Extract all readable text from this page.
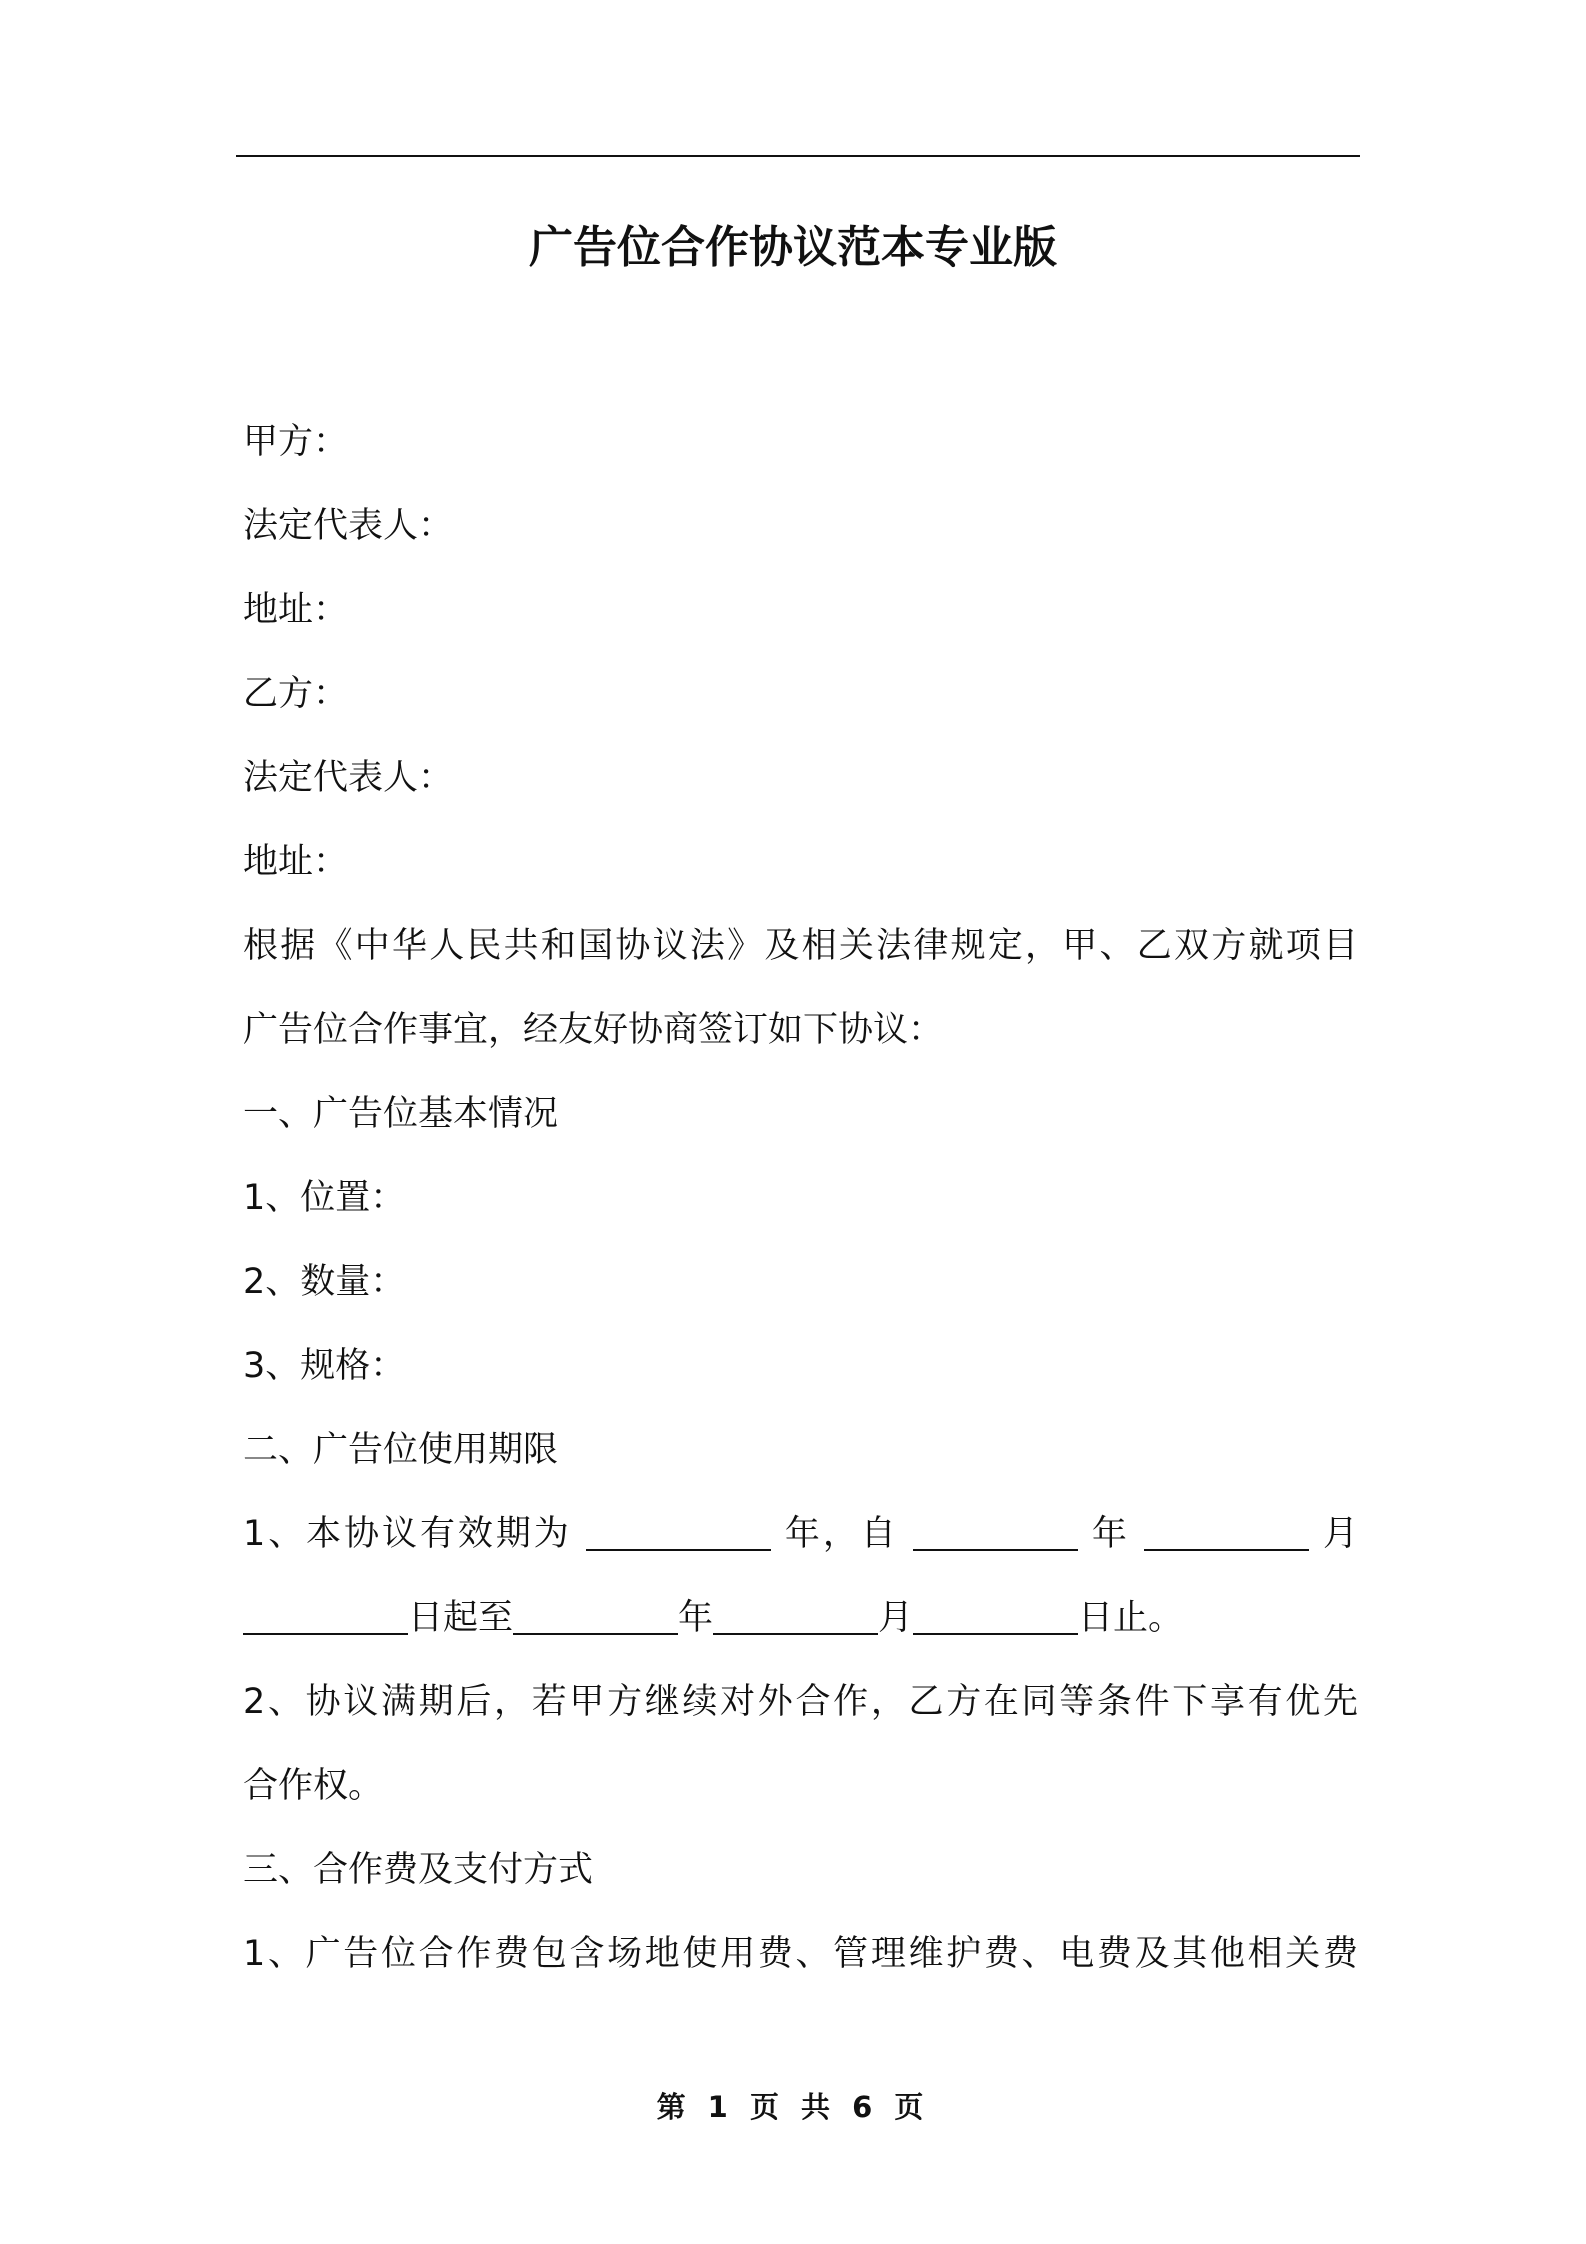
广告位合作协议范本专业版
甲方：
法定代表人：
地址：
乙方：
法定代表人：
地址：
根据《中华人民共和国协议法》及相关法律规定，甲、乙双方就项目
广告位合作事宜，经友好协商签订如下协议：
一、广告位基本情况
1、位置：
2、数量：
3、规格：
二、广告位使用期限
1、本协议有效期为	年，自	年	月
日起至	年	月	日止。
2、协议满期后，若甲方继续对外合作，乙方在同等条件下享有优先
合作权。
三、合作费及支付方式
1、广告位合作费包含场地使用费、管理维护费、电费及其他相关费
第 1 页 共 6 页
